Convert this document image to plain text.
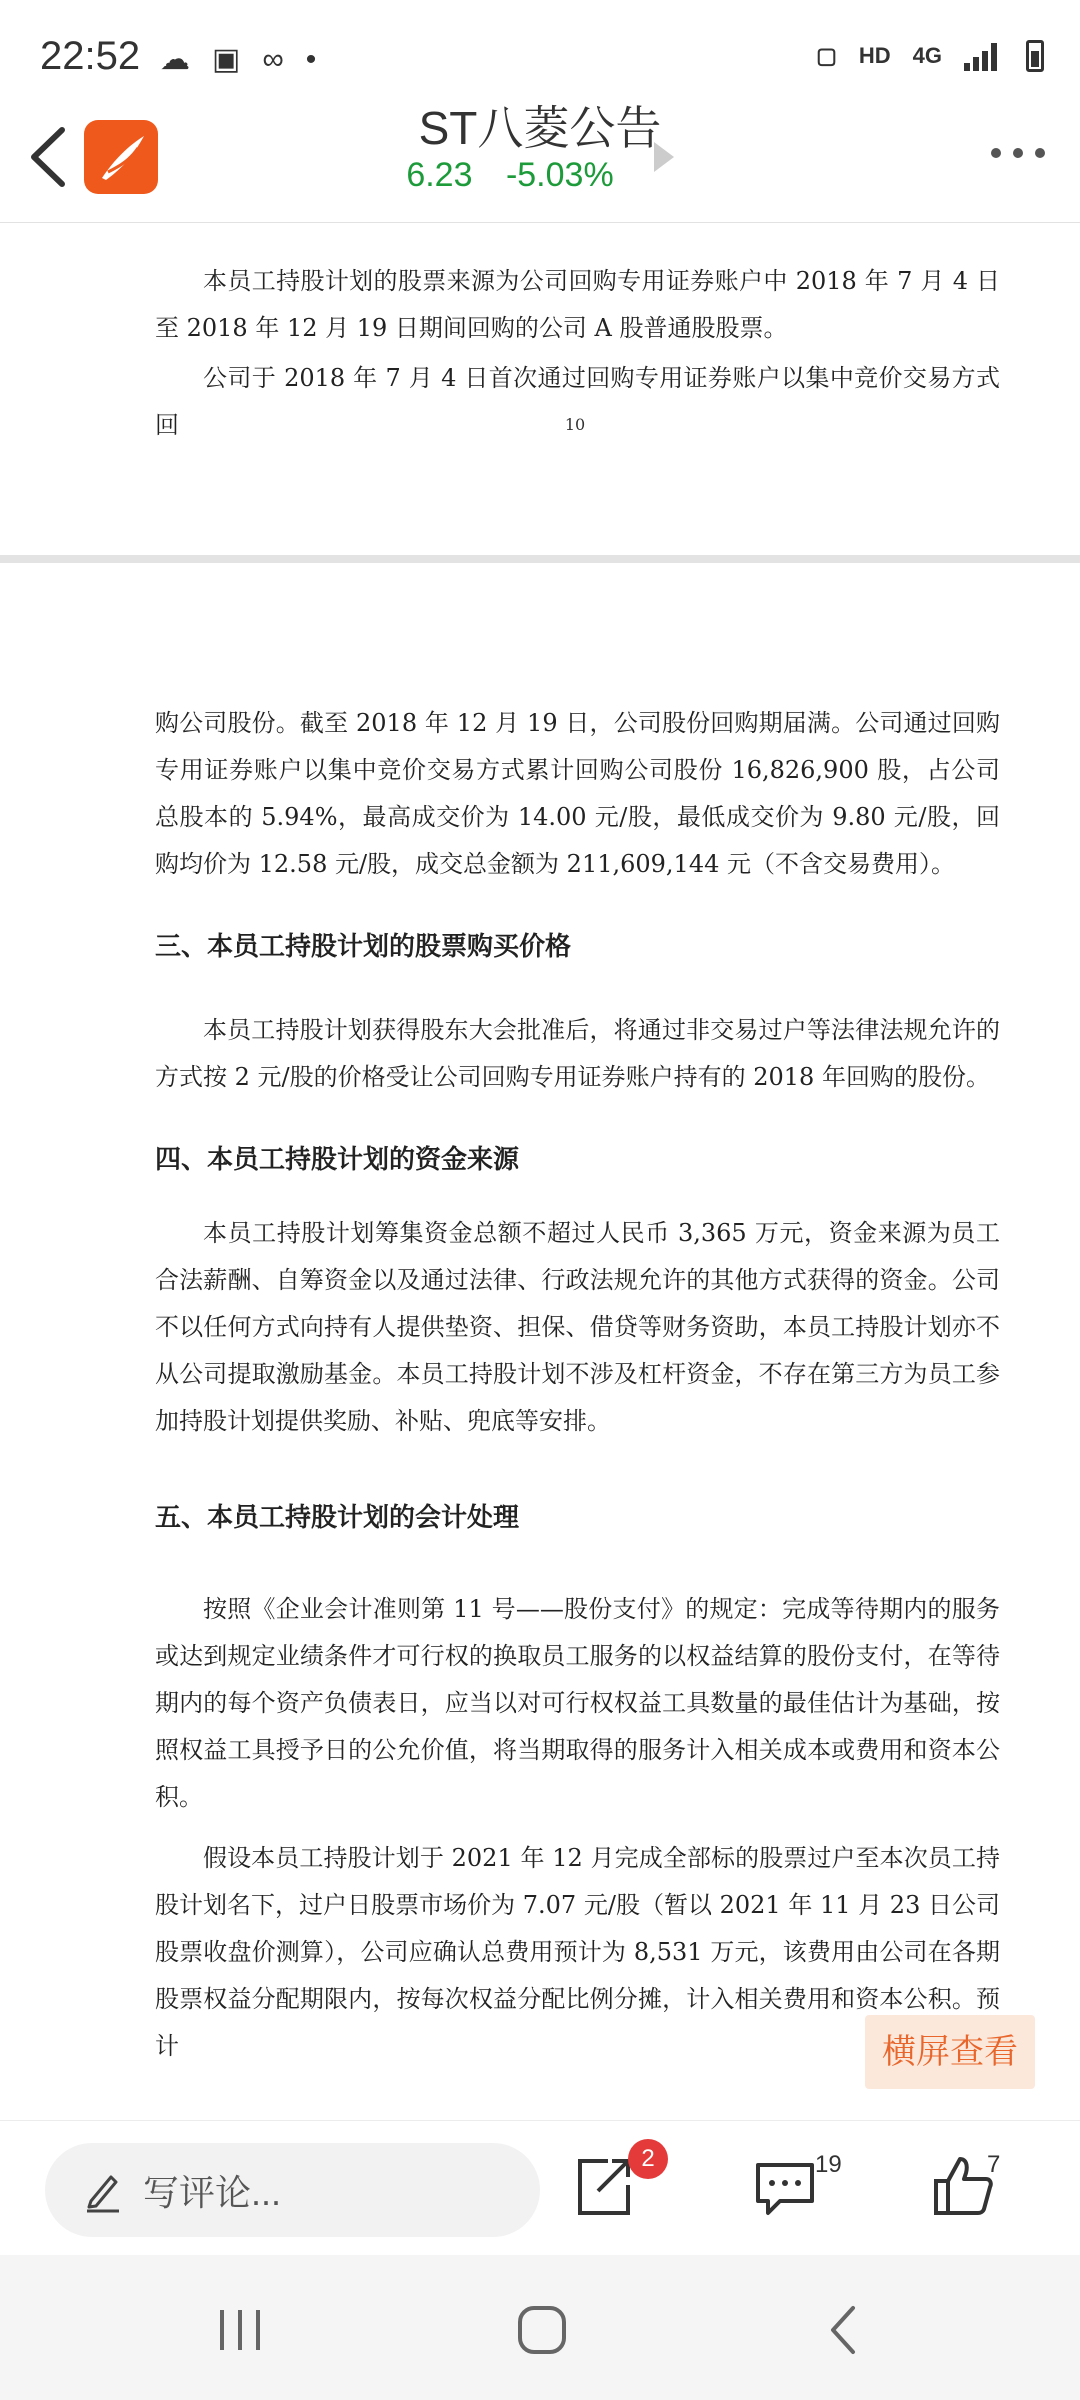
22:52 ☁ ▣ ∞ •	▢ HD 4G
ST八菱公告
6.23 -5.03%

本员工持股计划的股票来源为公司回购专用证券账户中 2018 年 7 月 4 日至 2018 年 12 月 19 日期间回购的公司 A 股普通股股票。

公司于 2018 年 7 月 4 日首次通过回购专用证券账户以集中竞价交易方式回	10

购公司股份。截至 2018 年 12 月 19 日，公司股份回购期届满。公司通过回购专用证券账户以集中竞价交易方式累计回购公司股份 16,826,900 股，占公司总股本的 5.94%，最高成交价为 14.00 元/股，最低成交价为 9.80 元/股，回购均价为 12.58 元/股，成交总金额为 211,609,144 元（不含交易费用）。

三、本员工持股计划的股票购买价格

本员工持股计划获得股东大会批准后，将通过非交易过户等法律法规允许的方式按 2 元/股的价格受让公司回购专用证券账户持有的 2018 年回购的股份。

四、本员工持股计划的资金来源

本员工持股计划筹集资金总额不超过人民币 3,365 万元，资金来源为员工合法薪酬、自筹资金以及通过法律、行政法规允许的其他方式获得的资金。公司不以任何方式向持有人提供垫资、担保、借贷等财务资助，本员工持股计划亦不从公司提取激励基金。本员工持股计划不涉及杠杆资金，不存在第三方为员工参加持股计划提供奖励、补贴、兜底等安排。

五、本员工持股计划的会计处理

按照《企业会计准则第 11 号——股份支付》的规定：完成等待期内的服务或达到规定业绩条件才可行权的换取员工服务的以权益结算的股份支付，在等待期内的每个资产负债表日，应当以对可行权权益工具数量的最佳估计为基础，按照权益工具授予日的公允价值，将当期取得的服务计入相关成本或费用和资本公积。

假设本员工持股计划于 2021 年 12 月完成全部标的股票过户至本次员工持股计划名下，过户日股票市场价为 7.07 元/股（暂以 2021 年 11 月 23 日公司股票收盘价测算），公司应确认总费用预计为 8,531 万元，该费用由公司在各期股票权益分配期限内，按每次权益分配比例分摊，计入相关费用和资本公积。预计	横屏查看
写评论...
2	19	7
